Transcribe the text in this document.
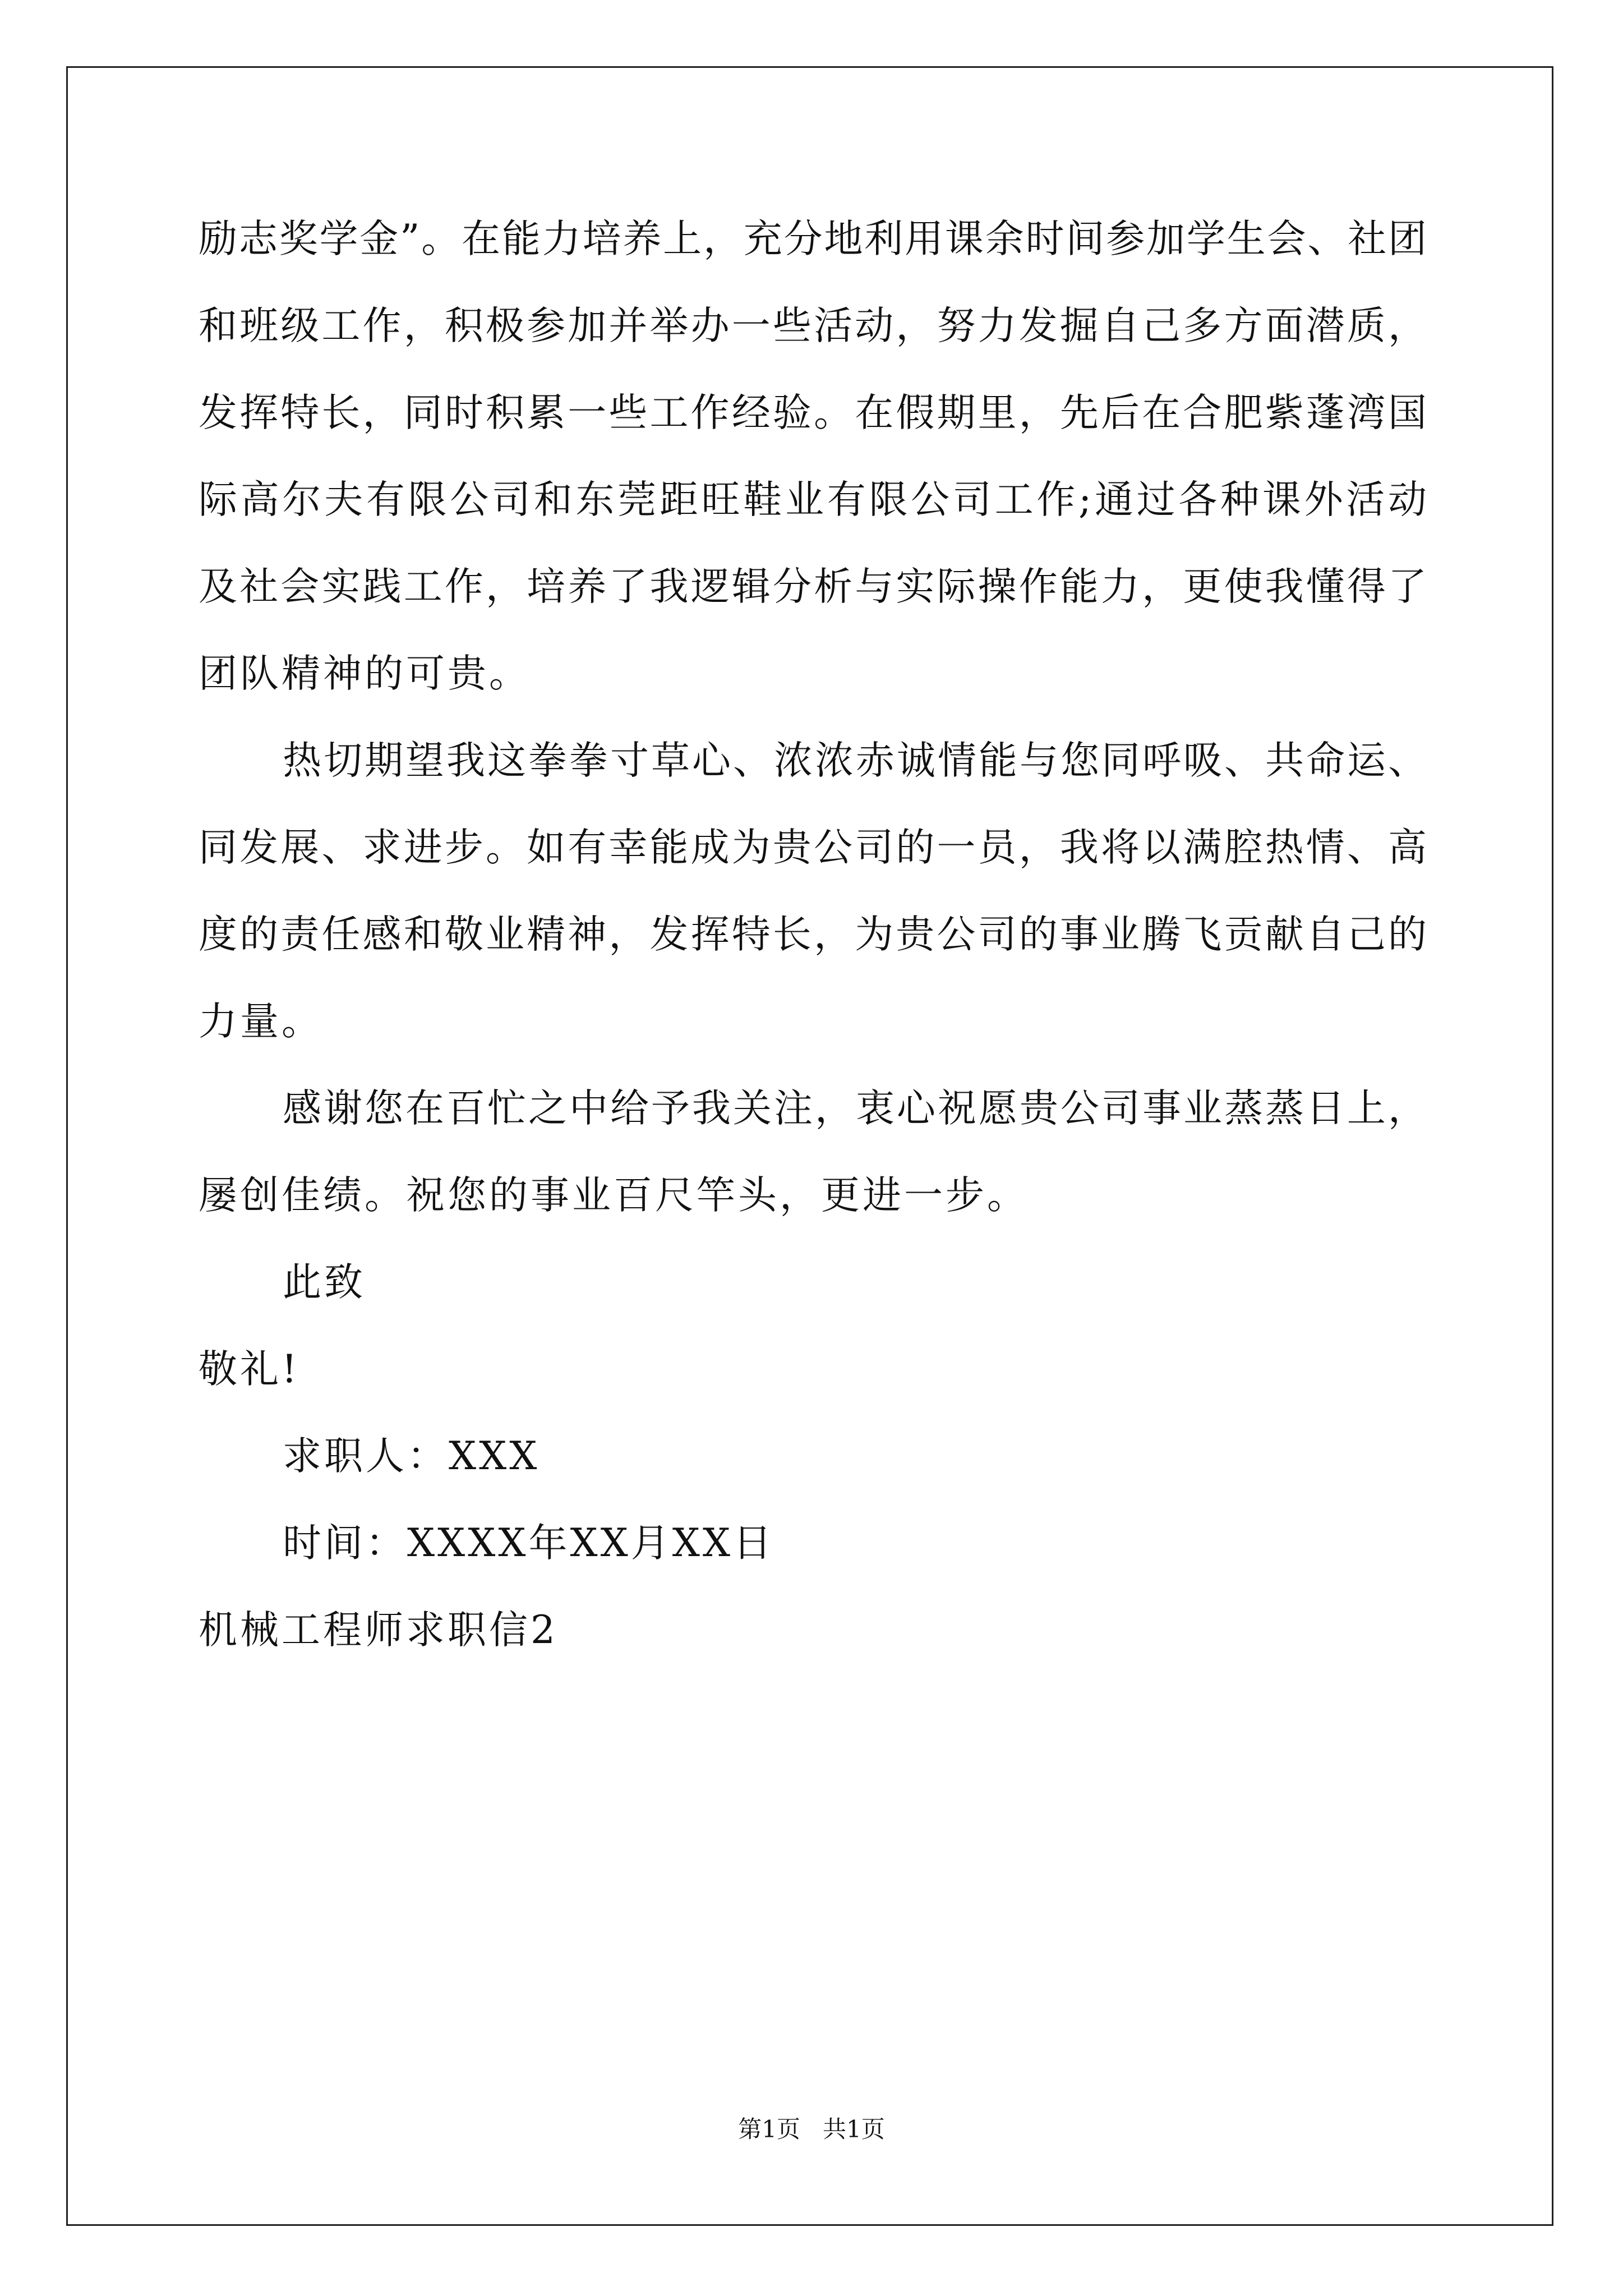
励志奖学金”。在能力培养上，充分地利用课余时间参加学生会、社团
和班级工作，积极参加并举办一些活动，努力发掘自己多方面潜质，
发挥特长，同时积累一些工作经验。在假期里，先后在合肥紫蓬湾国
际高尔夫有限公司和东莞距旺鞋业有限公司工作;通过各种课外活动
及社会实践工作，培养了我逻辑分析与实际操作能力，更使我懂得了
团队精神的可贵。
热切期望我这拳拳寸草心、浓浓赤诚情能与您同呼吸、共命运、
同发展、求进步。如有幸能成为贵公司的一员，我将以满腔热情、高
度的责任感和敬业精神，发挥特长，为贵公司的事业腾飞贡献自己的
力量。
感谢您在百忙之中给予我关注，衷心祝愿贵公司事业蒸蒸日上，
屡创佳绩。祝您的事业百尺竿头，更进一步。
此致
敬礼!
求职人：XXX
时间：XXXX年XX月XX日
机械工程师求职信2
第1页   共1页
